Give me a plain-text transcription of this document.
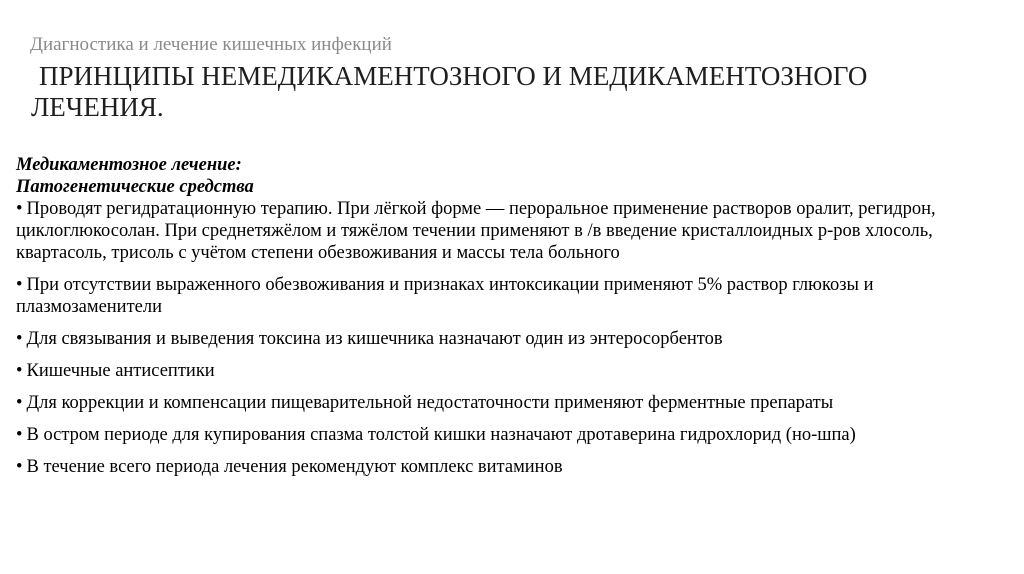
Диагностика и лечение кишечных инфекций
ПРИНЦИПЫ НЕМЕДИКАМЕНТОЗНОГО И МЕДИКАМЕНТОЗНОГО ЛЕЧЕНИЯ.

Медикаментозное лечение:

Патогенетические средства

• Проводят регидратационную терапию. При лёгкой форме — пероральное применение растворов оралит, регидрон, циклоглюкосолан. При среднетяжёлом и тяжёлом течении применяют в /в введение кристаллоидных р-ров хлосоль, квартасоль, трисоль с учётом степени обезвоживания и массы тела больного
• При отсутствии выраженного обезвоживания и признаках интоксикации применяют 5% раствор глюкозы и плазмозаменители
• Для связывания и выведения токсина из кишечника назначают один из энтеросорбентов
• Кишечные антисептики
• Для коррекции и компенсации пищеварительной недостаточности применяют ферментные препараты
• В остром периоде для купирования спазма толстой кишки назначают дротаверина гидрохлорид (но-шпа)
• В течение всего периода лечения рекомендуют комплекс витаминов
